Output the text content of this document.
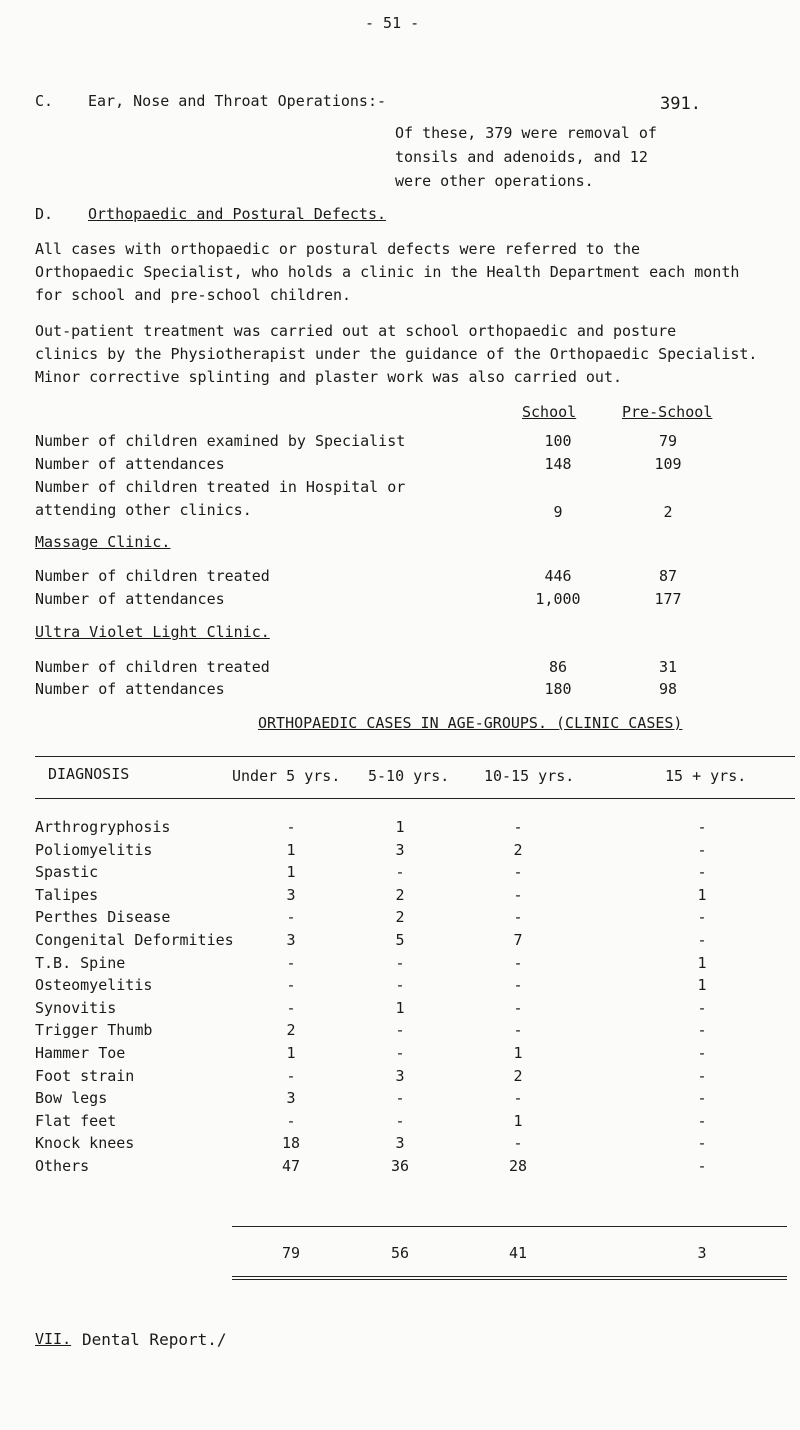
- 51 -
C. Ear, Nose and Throat Operations:-	391.
Of these, 379 were removal of
tonsils and adenoids, and 12
were other operations.
D. Orthopaedic and Postural Defects.
All cases with orthopaedic or postural defects were referred to the
Orthopaedic Specialist, who holds a clinic in the Health Department each month
for school and pre-school children.
Out-patient treatment was carried out at school orthopaedic and posture
clinics by the Physiotherapist under the guidance of the Orthopaedic Specialist.
Minor corrective splinting and plaster work was also carried out.
School	Pre-School
Number of children examined by Specialist	100	79
Number of attendances	148	109
Number of children treated in Hospital or
attending other clinics.	9	2
Massage Clinic.
Number of children treated	446	87
Number of attendances	1,000	177
Ultra Violet Light Clinic.
Number of children treated	86	31
Number of attendances	180	98
ORTHOPAEDIC CASES IN AGE-GROUPS. (CLINIC CASES)
DIAGNOSIS	Under 5 yrs. 5-10 yrs. 10-15 yrs.	15 + yrs.
Arthrogryphosis	-	1	-	-
Poliomyelitis	1	3	2	-
Spastic	1	-	-	-
Talipes	3	2	-	1
Perthes Disease	-	2	-	-
Congenital Deformities	3	5	7	-
T.B. Spine	-	-	-	1
Osteomyelitis	-	-	-	1
Synovitis	-	1	-	-
Trigger Thumb	2	-	-	-
Hammer Toe	1	-	1	-
Foot strain	-	3	2	-
Bow legs	3	-	-	-
Flat feet	-	-	1	-
Knock knees	18	3	-	-
Others	47	36	28	-
79	56	41	3
VII. Dental Report./
